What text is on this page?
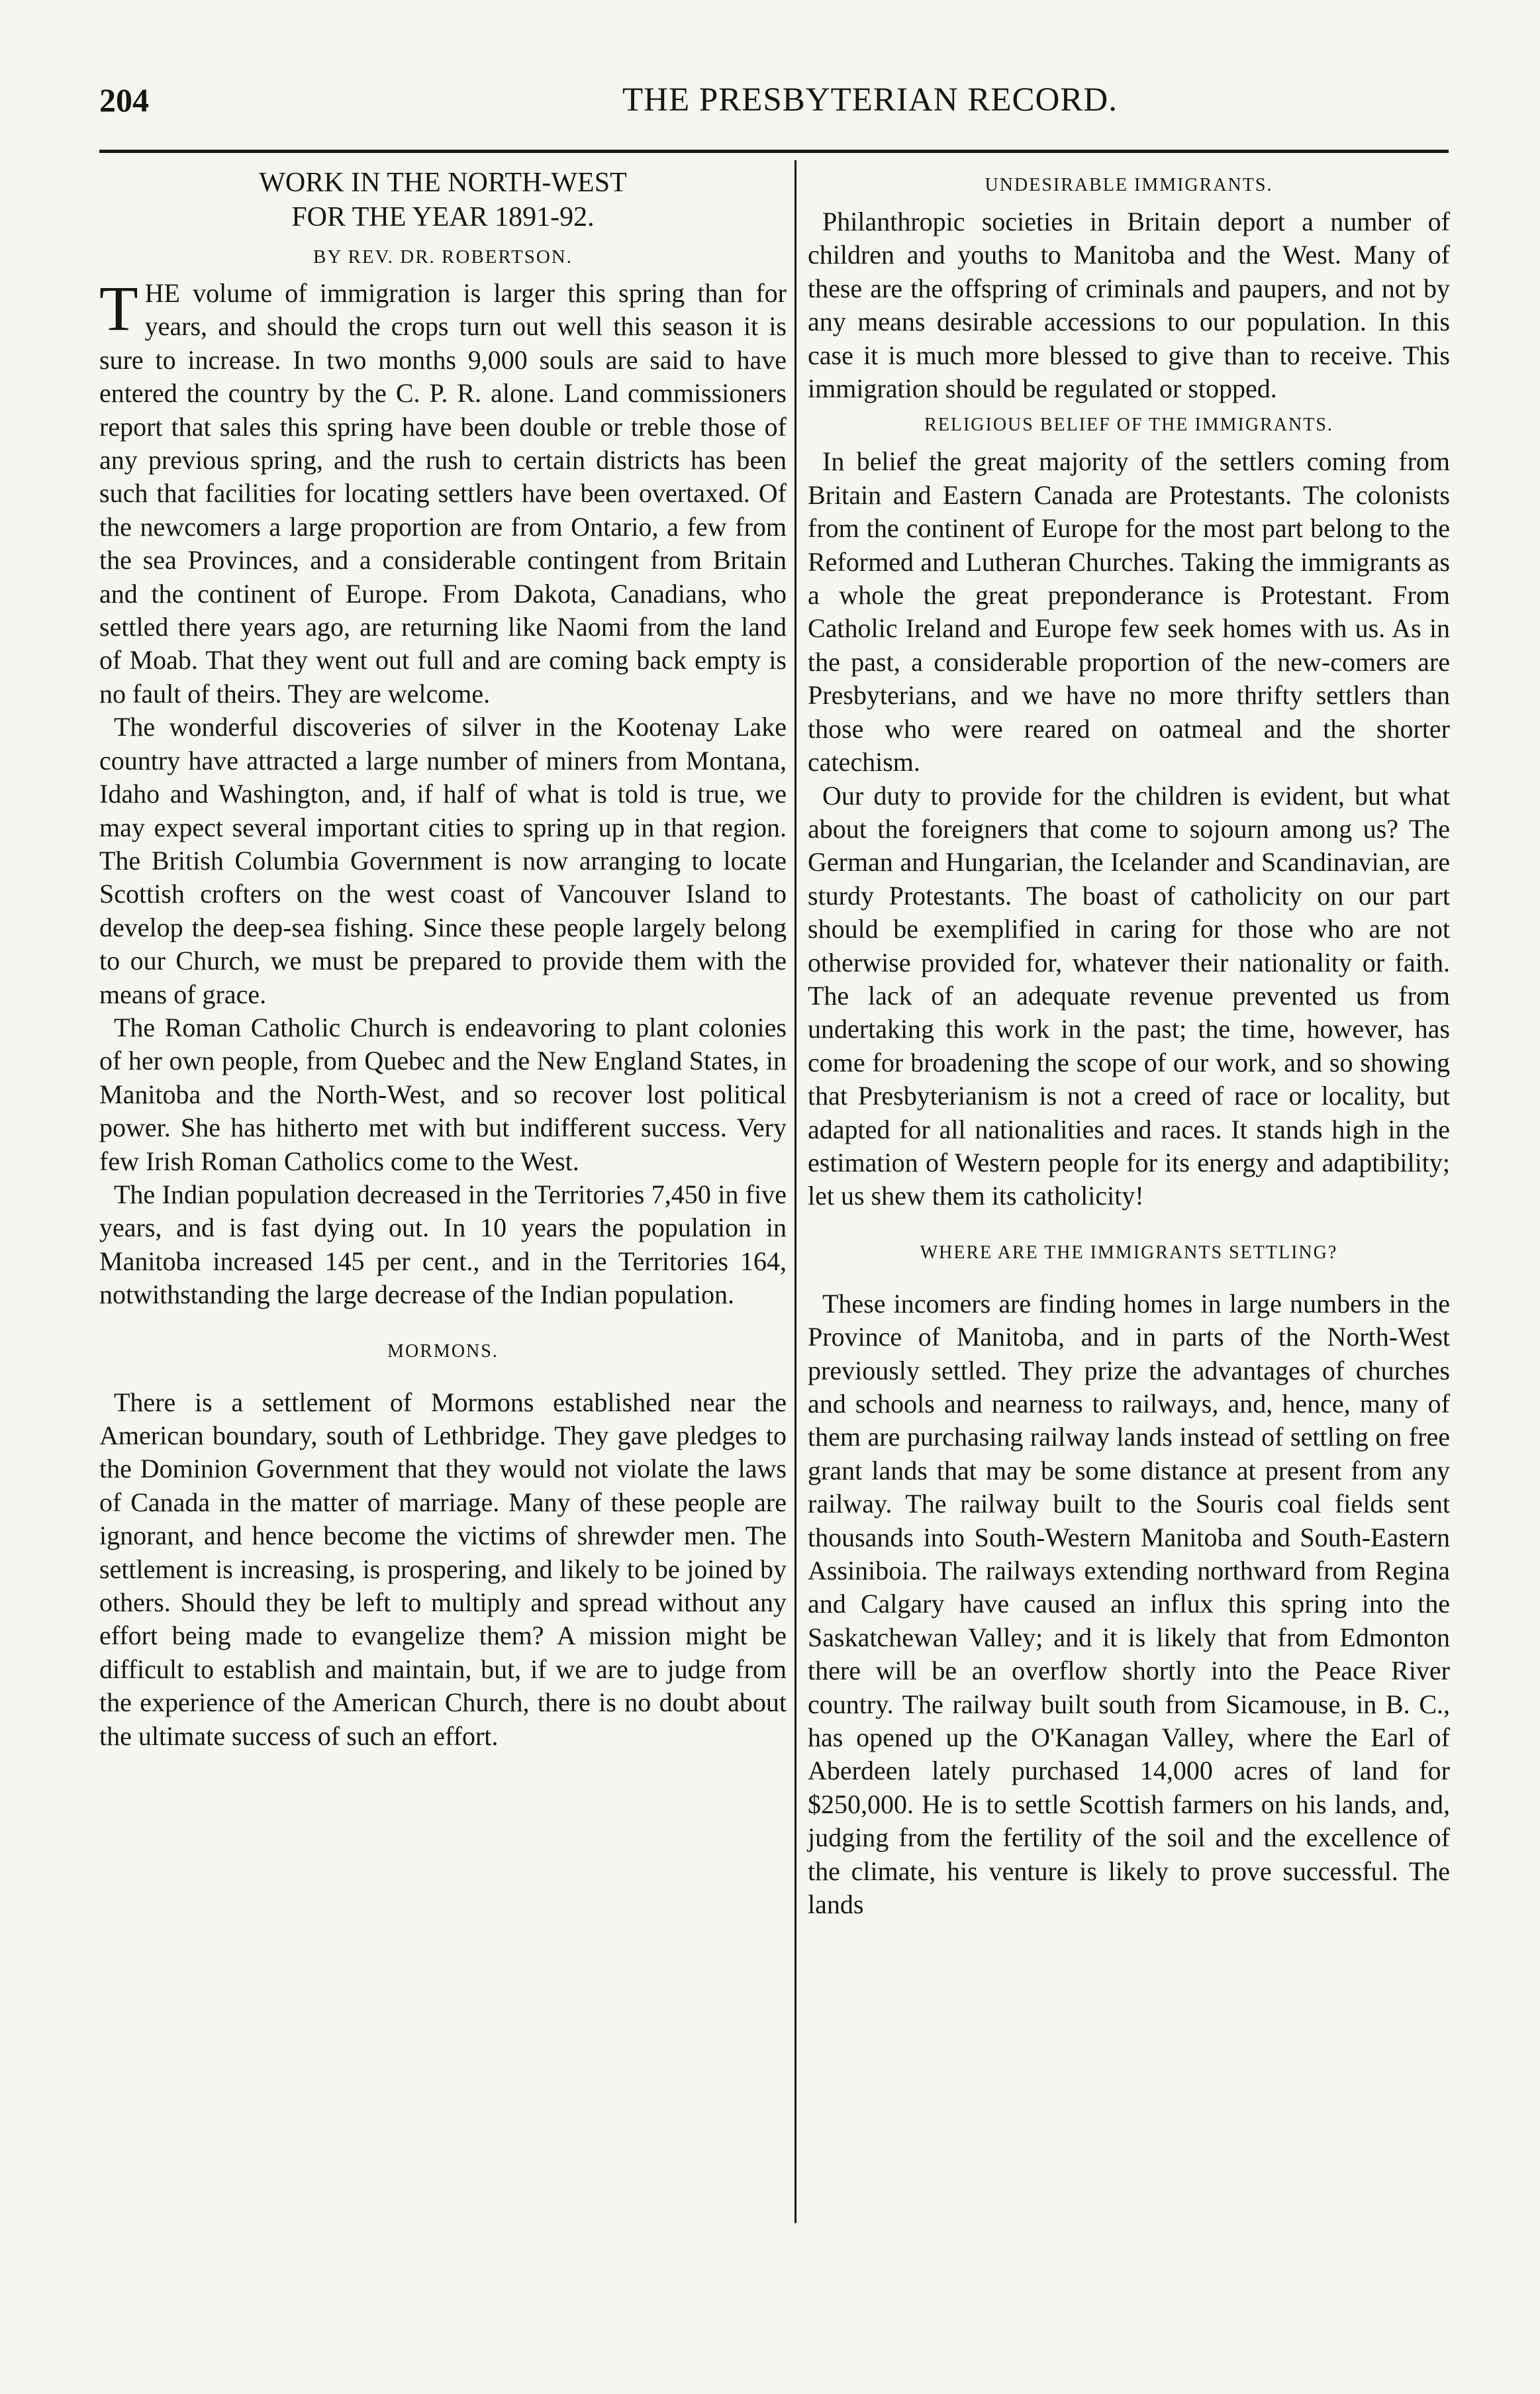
204	THE PRESBYTERIAN RECORD.
WORK IN THE NORTH-WEST
FOR THE YEAR 1891-92.
BY REV. DR. ROBERTSON.

THE volume of immigration is larger this spring than for years, and should the crops turn out well this season it is sure to increase. In two months 9,000 souls are said to have entered the country by the C. P. R. alone. Land commissioners report that sales this spring have been double or treble those of any previous spring, and the rush to certain districts has been such that facilities for locating settlers have been overtaxed. Of the newcomers a large proportion are from Ontario, a few from the sea Provinces, and a considerable contingent from Britain and the continent of Europe. From Dakota, Canadians, who settled there years ago, are returning like Naomi from the land of Moab. That they went out full and are coming back empty is no fault of theirs. They are welcome.

The wonderful discoveries of silver in the Kootenay Lake country have attracted a large number of miners from Montana, Idaho and Washington, and, if half of what is told is true, we may expect several important cities to spring up in that region. The British Columbia Government is now arranging to locate Scottish crofters on the west coast of Vancouver Island to develop the deep-sea fishing. Since these people largely belong to our Church, we must be prepared to provide them with the means of grace.

The Roman Catholic Church is endeavoring to plant colonies of her own people, from Quebec and the New England States, in Manitoba and the North-West, and so recover lost political power. She has hitherto met with but indifferent success. Very few Irish Roman Catholics come to the West.

The Indian population decreased in the Territories 7,450 in five years, and is fast dying out. In 10 years the population in Manitoba increased 145 per cent., and in the Territories 164, notwithstanding the large decrease of the Indian population.

MORMONS.

There is a settlement of Mormons established near the American boundary, south of Lethbridge. They gave pledges to the Dominion Government that they would not violate the laws of Canada in the matter of marriage. Many of these people are ignorant, and hence become the victims of shrewder men. The settlement is increasing, is prospering, and likely to be joined by others. Should they be left to multiply and spread without any effort being made to evangelize them? A mission might be difficult to establish and maintain, but, if we are to judge from the experience of the American Church, there is no doubt about the ultimate success of such an effort.

UNDESIRABLE IMMIGRANTS.

Philanthropic societies in Britain deport a number of children and youths to Manitoba and the West. Many of these are the offspring of criminals and paupers, and not by any means desirable accessions to our population. In this case it is much more blessed to give than to receive. This immigration should be regulated or stopped.

RELIGIOUS BELIEF OF THE IMMIGRANTS.

In belief the great majority of the settlers coming from Britain and Eastern Canada are Protestants. The colonists from the continent of Europe for the most part belong to the Reformed and Lutheran Churches. Taking the immigrants as a whole the great preponderance is Protestant. From Catholic Ireland and Europe few seek homes with us. As in the past, a considerable proportion of the new-comers are Presbyterians, and we have no more thrifty settlers than those who were reared on oatmeal and the shorter catechism.

Our duty to provide for the children is evident, but what about the foreigners that come to sojourn among us? The German and Hungarian, the Icelander and Scandinavian, are sturdy Protestants. The boast of catholicity on our part should be exemplified in caring for those who are not otherwise provided for, whatever their nationality or faith. The lack of an adequate revenue prevented us from undertaking this work in the past; the time, however, has come for broadening the scope of our work, and so showing that Presbyterianism is not a creed of race or locality, but adapted for all nationalities and races. It stands high in the estimation of Western people for its energy and adaptibility; let us shew them its catholicity!

WHERE ARE THE IMMIGRANTS SETTLING?

These incomers are finding homes in large numbers in the Province of Manitoba, and in parts of the North-West previously settled. They prize the advantages of churches and schools and nearness to railways, and, hence, many of them are purchasing railway lands instead of settling on free grant lands that may be some distance at present from any railway. The railway built to the Souris coal fields sent thousands into South-Western Manitoba and South-Eastern Assiniboia. The railways extending northward from Regina and Calgary have caused an influx this spring into the Saskatchewan Valley; and it is likely that from Edmonton there will be an overflow shortly into the Peace River country. The railway built south from Sicamouse, in B. C., has opened up the O'Kanagan Valley, where the Earl of Aberdeen lately purchased 14,000 acres of land for $250,000. He is to settle Scottish farmers on his lands, and, judging from the fertility of the soil and the excellence of the climate, his venture is likely to prove successful. The lands
